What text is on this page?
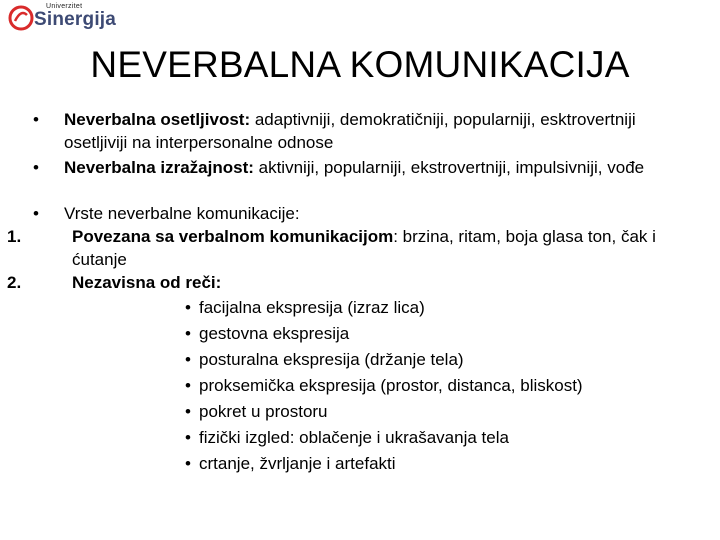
Univerzitet
Sinergija
NEVERBALNA KOMUNIKACIJA
• Neverbalna osetljivost: adaptivniji, demokratičniji, popularniji, esktrovertniji osetljiviji na interpersonalne odnose
• Neverbalna izražajnost: aktivniji, popularniji, ekstrovertniji, impulsivniji, vođe
• Vrste neverbalne komunikacije:
1.	Povezana sa verbalnom komunikacijom: brzina, ritam, boja glasa ton, čak i ćutanje
2.	Nezavisna od reči:
• facijalna ekspresija (izraz lica)
• gestovna ekspresija
• posturalna ekspresija (držanje tela)
• proksemička ekspresija (prostor, distanca, bliskost)
• pokret u prostoru
• fizički izgled: oblačenje i ukrašavanja tela
• crtanje, žvrljanje i artefakti
